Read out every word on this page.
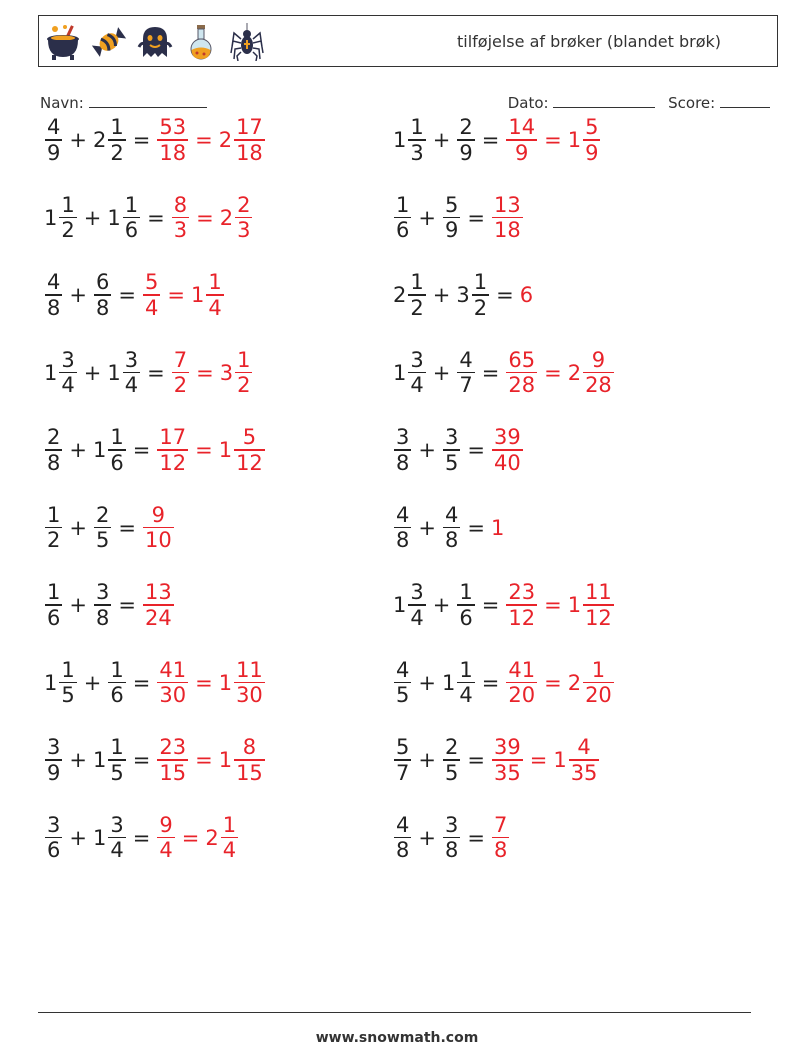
tilføjelse af brøker (blandet brøk)
Navn:	Dato:	Score:
$\frac{4}{9} + 2 \frac{1}{2} = \frac{53}{18} = 2 \frac{17}{18}$
$1 \frac{1}{2} + 1 \frac{1}{6} = \frac{8}{3} = 2 \frac{2}{3}$
$\frac{4}{8} + \frac{6}{8} = \frac{5}{4} = 1 \frac{1}{4}$
$1 \frac{3}{4} + 1 \frac{3}{4} = \frac{7}{2} = 3 \frac{1}{2}$
$\frac{2}{8} + 1 \frac{1}{6} = \frac{17}{12} = 1 \frac{5}{12}$
$\frac{1}{2} + \frac{2}{5} = \frac{9}{10}$
$\frac{1}{6} + \frac{3}{8} = \frac{13}{24}$
$1 \frac{1}{5} + \frac{1}{6} = \frac{41}{30} = 1 \frac{11}{30}$
$\frac{3}{9} + 1 \frac{1}{5} = \frac{23}{15} = 1 \frac{8}{15}$
$\frac{3}{6} + 1 \frac{3}{4} = \frac{9}{4} = 2 \frac{1}{4}$
$1 \frac{1}{3} + \frac{2}{9} = \frac{14}{9} = 1 \frac{5}{9}$
$\frac{1}{6} + \frac{5}{9} = \frac{13}{18}$
$2 \frac{1}{2} + 3 \frac{1}{2} = 6$
$1 \frac{3}{4} + \frac{4}{7} = \frac{65}{28} = 2 \frac{9}{28}$
$\frac{3}{8} + \frac{3}{5} = \frac{39}{40}$
$\frac{4}{8} + \frac{4}{8} = 1$
$1 \frac{3}{4} + \frac{1}{6} = \frac{23}{12} = 1 \frac{11}{12}$
$\frac{4}{5} + 1 \frac{1}{4} = \frac{41}{20} = 2 \frac{1}{20}$
$\frac{5}{7} + \frac{2}{5} = \frac{39}{35} = 1 \frac{4}{35}$
$\frac{4}{8} + \frac{3}{8} = \frac{7}{8}$
www.snowmath.com
